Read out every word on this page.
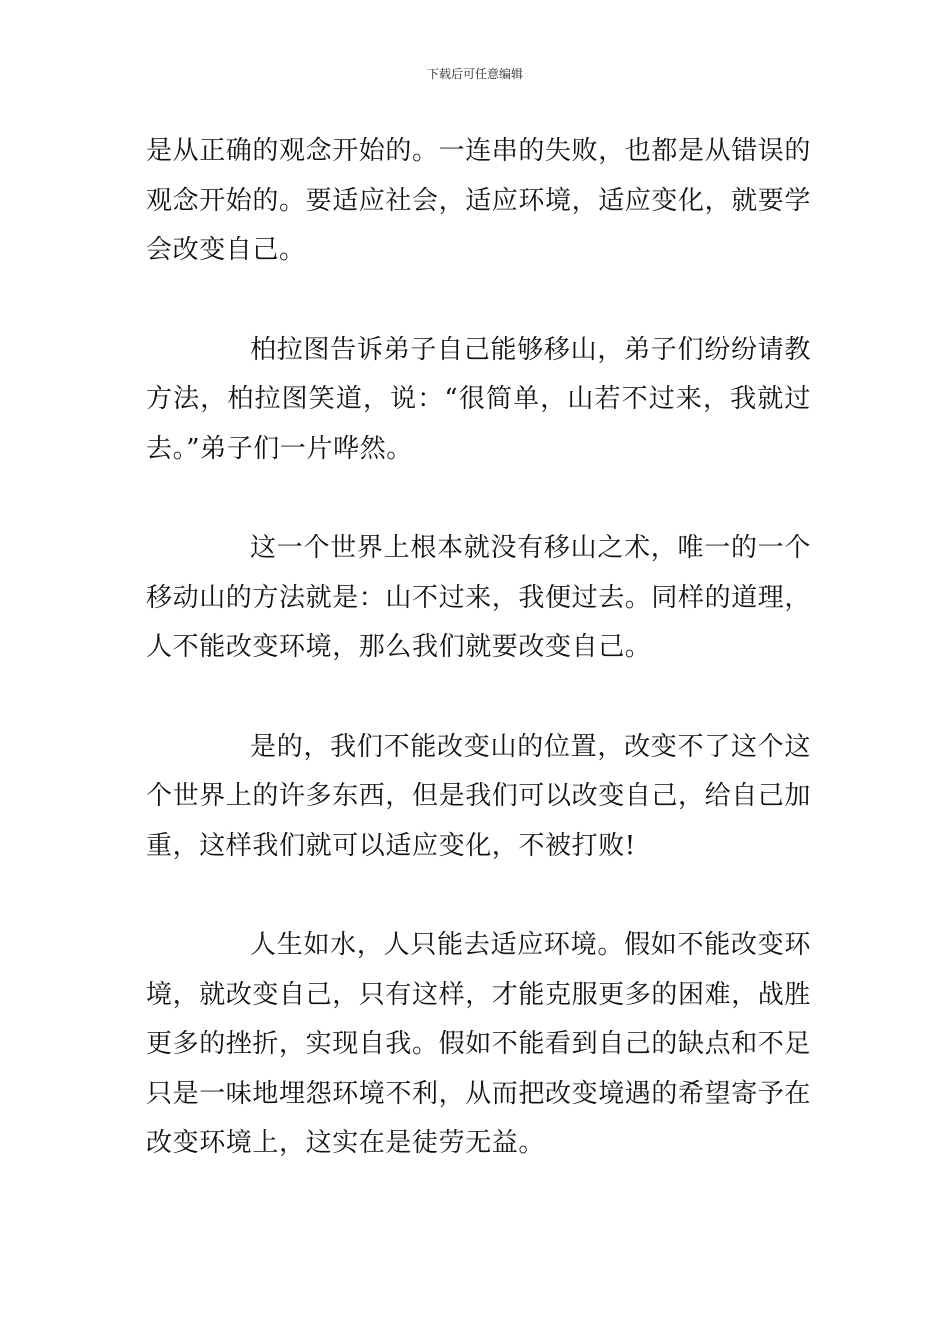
下载后可任意编辑

是从正确的观念开始的。一连串的失败，也都是从错误的观念开始的。要适应社会，适应环境，适应变化，就要学会改变自己。

柏拉图告诉弟子自己能够移山，弟子们纷纷请教方法，柏拉图笑道，说：“很简单，山若不过来，我就过去。”弟子们一片哗然。

这一个世界上根本就没有移山之术，唯一的一个移动山的方法就是：山不过来，我便过去。同样的道理，人不能改变环境，那么我们就要改变自己。

是的，我们不能改变山的位置，改变不了这个这个世界上的许多东西，但是我们可以改变自己，给自己加重，这样我们就可以适应变化，不被打败!

人生如水，人只能去适应环境。假如不能改变环境，就改变自己，只有这样，才能克服更多的困难，战胜更多的挫折，实现自我。假如不能看到自己的缺点和不足只是一味地埋怨环境不利，从而把改变境遇的希望寄予在改变环境上，这实在是徒劳无益。
